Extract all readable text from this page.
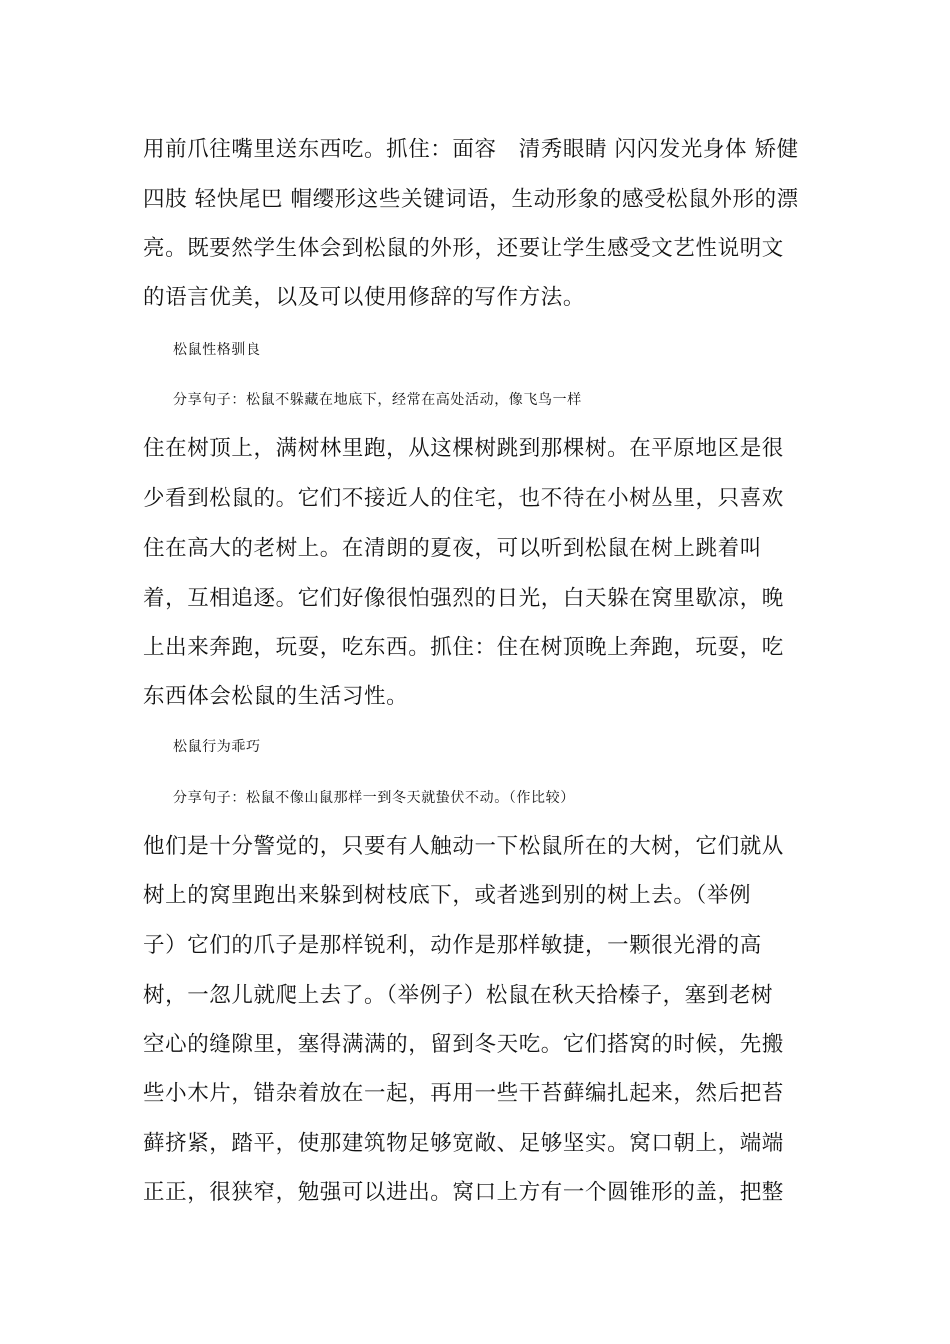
用前爪往嘴里送东西吃。抓住：面容　清秀眼睛 闪闪发光身体 矫健
四肢 轻快尾巴 帽缨形这些关键词语，生动形象的感受松鼠外形的漂
亮。既要然学生体会到松鼠的外形，还要让学生感受文艺性说明文
的语言优美，以及可以使用修辞的写作方法。
松鼠性格驯良
分享句子：松鼠不躲藏在地底下，经常在高处活动，像飞鸟一样
住在树顶上，满树林里跑，从这棵树跳到那棵树。在平原地区是很
少看到松鼠的。它们不接近人的住宅，也不待在小树丛里，只喜欢
住在高大的老树上。在清朗的夏夜，可以听到松鼠在树上跳着叫
着，互相追逐。它们好像很怕强烈的日光，白天躲在窝里歇凉，晚
上出来奔跑，玩耍，吃东西。抓住：住在树顶晚上奔跑，玩耍，吃
东西体会松鼠的生活习性。
松鼠行为乖巧
分享句子：松鼠不像山鼠那样一到冬天就蛰伏不动。（作比较）
他们是十分警觉的，只要有人触动一下松鼠所在的大树，它们就从
树上的窝里跑出来躲到树枝底下，或者逃到别的树上去。（举例
子）它们的爪子是那样锐利，动作是那样敏捷，一颗很光滑的高
树，一忽儿就爬上去了。（举例子）松鼠在秋天拾榛子，塞到老树
空心的缝隙里，塞得满满的，留到冬天吃。它们搭窝的时候，先搬
些小木片，错杂着放在一起，再用一些干苔藓编扎起来，然后把苔
藓挤紧，踏平，使那建筑物足够宽敞、足够坚实。窝口朝上，端端
正正，很狭窄，勉强可以进出。窝口上方有一个圆锥形的盖，把整
